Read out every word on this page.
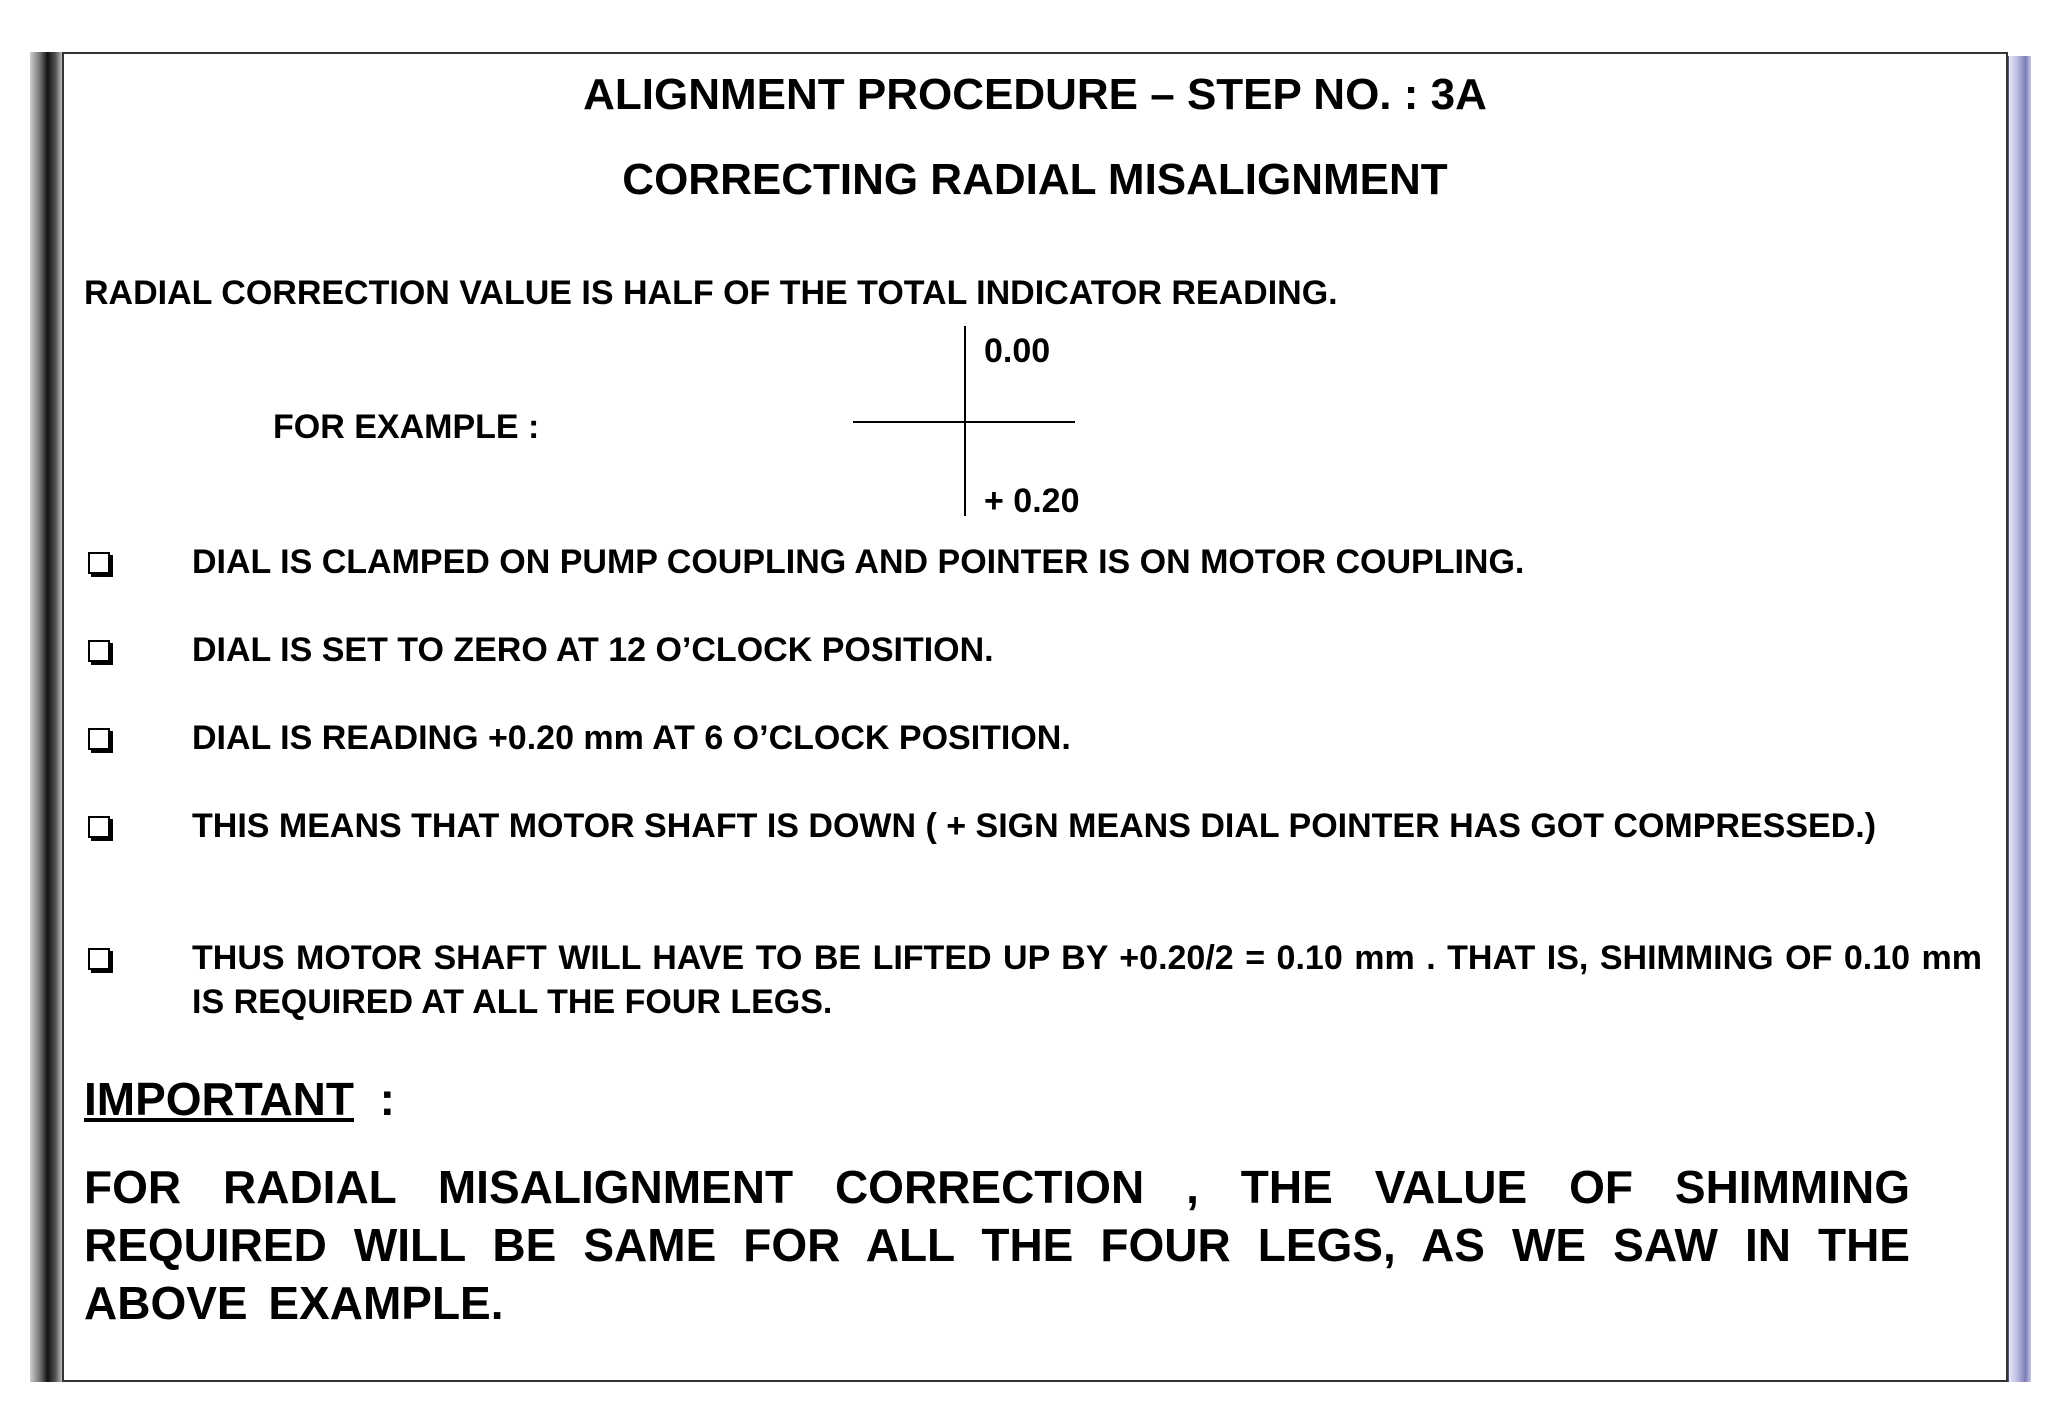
ALIGNMENT PROCEDURE – STEP NO. : 3A
CORRECTING RADIAL MISALIGNMENT
RADIAL CORRECTION VALUE IS HALF OF THE TOTAL INDICATOR READING.
FOR EXAMPLE :
0.00
+ 0.20
DIAL IS CLAMPED ON PUMP COUPLING AND POINTER IS ON MOTOR COUPLING.
DIAL IS SET TO ZERO AT 12 O’CLOCK POSITION.
DIAL IS READING +0.20 mm AT 6 O’CLOCK POSITION.
THIS MEANS THAT MOTOR SHAFT IS DOWN ( + SIGN MEANS DIAL POINTER HAS GOT COMPRESSED.)
THUS MOTOR SHAFT WILL HAVE TO BE LIFTED UP BY +0.20/2 = 0.10 mm . THAT IS, SHIMMING OF 0.10 mm IS REQUIRED AT ALL THE FOUR LEGS.
IMPORTANT  :
FOR RADIAL MISALIGNMENT CORRECTION , THE VALUE OF SHIMMING REQUIRED WILL BE SAME FOR ALL THE FOUR LEGS, AS WE SAW IN THE ABOVE EXAMPLE.
